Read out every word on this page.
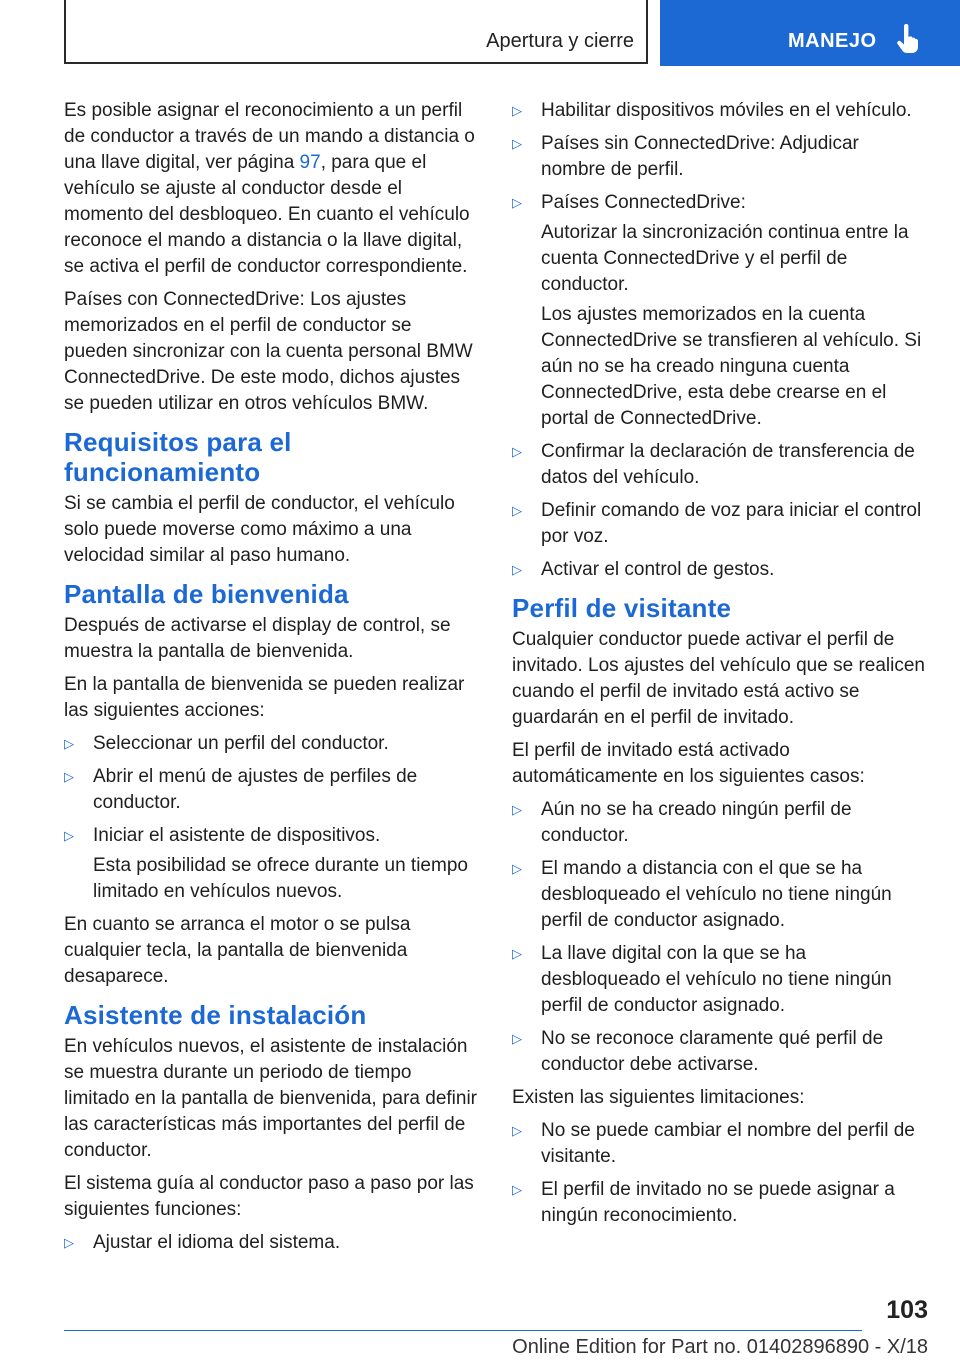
Apertura y cierre	MANEJO

Es posible asignar el reconocimiento a un perfil de conductor a través de un mando a distancia o una llave digital, ver página 97, para que el vehículo se ajuste al conductor desde el momento del desbloqueo. En cuanto el vehículo reconoce el mando a distancia o la llave digital, se activa el perfil de conductor correspondiente.

Países con ConnectedDrive: Los ajustes memorizados en el perfil de conductor se pueden sincronizar con la cuenta personal BMW ConnectedDrive. De este modo, dichos ajustes se pueden utilizar en otros vehículos BMW.

Requisitos para el funcionamiento

Si se cambia el perfil de conductor, el vehículo solo puede moverse como máximo a una velocidad similar al paso humano.

Pantalla de bienvenida

Después de activarse el display de control, se muestra la pantalla de bienvenida.

En la pantalla de bienvenida se pueden realizar las siguientes acciones:

▷ Seleccionar un perfil del conductor.
▷ Abrir el menú de ajustes de perfiles de conductor.
▷ Iniciar el asistente de dispositivos.

Esta posibilidad se ofrece durante un tiempo limitado en vehículos nuevos.

En cuanto se arranca el motor o se pulsa cualquier tecla, la pantalla de bienvenida desaparece.

Asistente de instalación

En vehículos nuevos, el asistente de instalación se muestra durante un periodo de tiempo limitado en la pantalla de bienvenida, para definir las características más importantes del perfil de conductor.

El sistema guía al conductor paso a paso por las siguientes funciones:

▷ Ajustar el idioma del sistema.
▷ Habilitar dispositivos móviles en el vehículo.
▷ Países sin ConnectedDrive: Adjudicar nombre de perfil.
▷ Países ConnectedDrive:

Autorizar la sincronización continua entre la cuenta ConnectedDrive y el perfil de conductor.

Los ajustes memorizados en la cuenta ConnectedDrive se transfieren al vehículo. Si aún no se ha creado ninguna cuenta ConnectedDrive, esta debe crearse en el portal de ConnectedDrive.

▷ Confirmar la declaración de transferencia de datos del vehículo.
▷ Definir comando de voz para iniciar el control por voz.
▷ Activar el control de gestos.
Perfil de visitante

Cualquier conductor puede activar el perfil de invitado. Los ajustes del vehículo que se realicen cuando el perfil de invitado está activo se guardarán en el perfil de invitado.

El perfil de invitado está activado automáticamente en los siguientes casos:

▷ Aún no se ha creado ningún perfil de conductor.
▷ El mando a distancia con el que se ha desbloqueado el vehículo no tiene ningún perfil de conductor asignado.
▷ La llave digital con la que se ha desbloqueado el vehículo no tiene ningún perfil de conductor asignado.
▷ No se reconoce claramente qué perfil de conductor debe activarse.

Existen las siguientes limitaciones:

▷ No se puede cambiar el nombre del perfil de visitante.
▷ El perfil de invitado no se puede asignar a ningún reconocimiento.
103
Online Edition for Part no. 01402896890 - X/18
